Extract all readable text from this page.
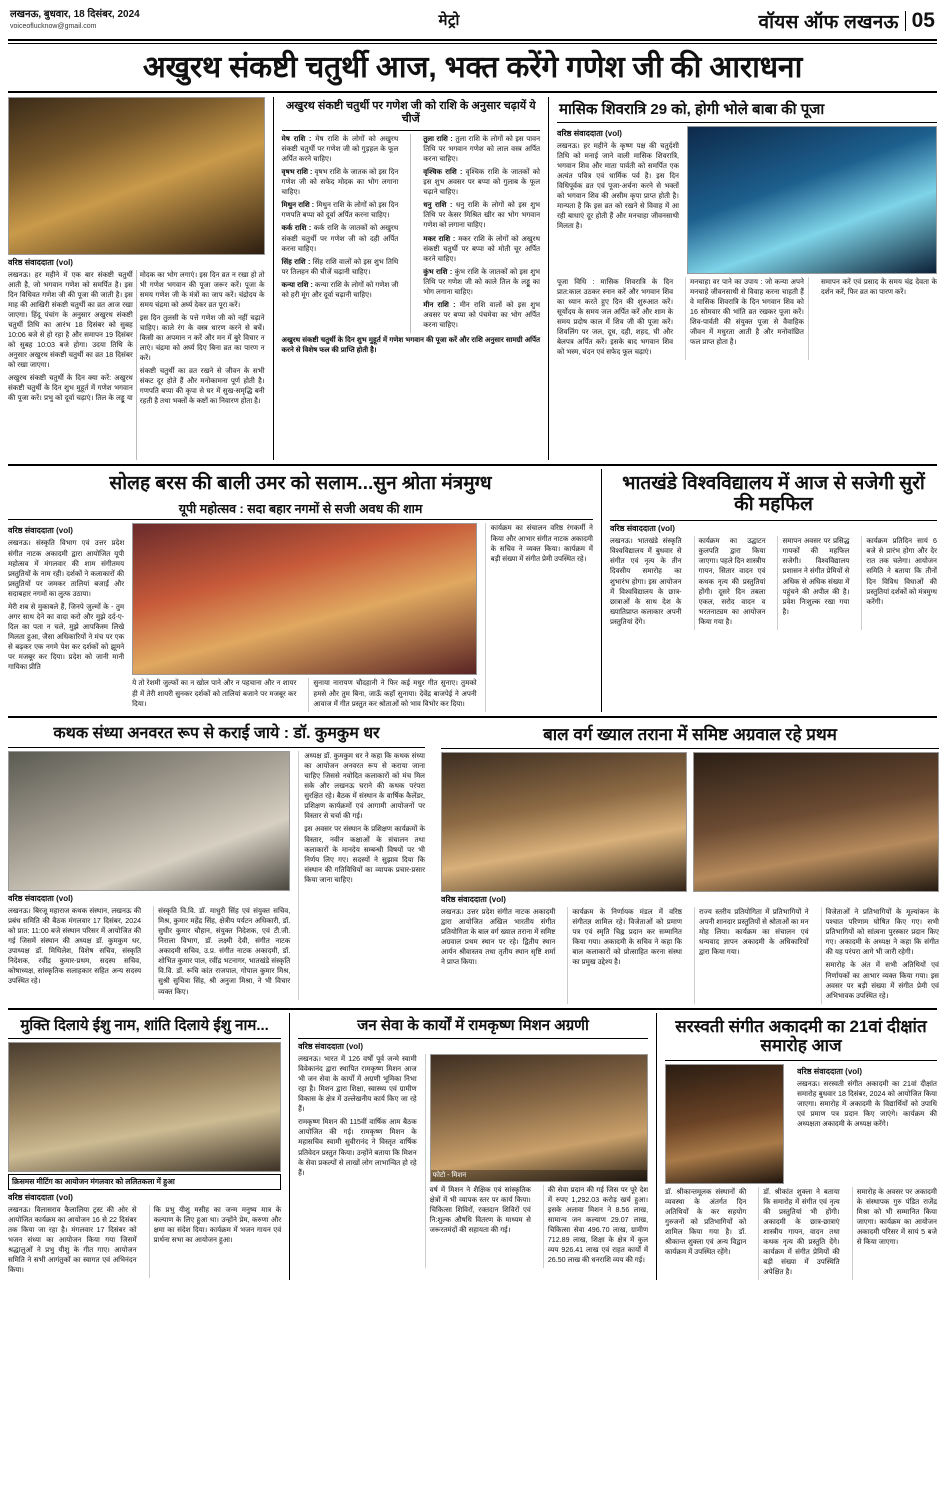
लखनऊ, बुधवार, 18 दिसंबर, 2024
voiceoflucknow@gmail.com	मेट्रो	वॉयस ऑफ लखनऊ 05
अखुरथ संकष्टी चतुर्थी आज, भक्त करेंगे गणेश जी की आराधना
वरिष्ठ संवाददाता (vol)

लखनऊ। हर महीने में एक बार संकष्टी चतुर्थी आती है, जो भगवान गणेश को समर्पित है। इस दिन विधिवत गणेश जी की पूजा की जाती है। इस माह की आखिरी संकष्टी चतुर्थी का व्रत आज रखा जाएगा। हिंदू पंचांग के अनुसार अखुरथ संकष्टी चतुर्थी तिथि का आरंभ 18 दिसंबर को सुबह 10:06 बजे से हो रहा है और समापन 19 दिसंबर को सुबह 10:03 बजे होगा। उदया तिथि के अनुसार अखुरथ संकष्टी चतुर्थी का व्रत 18 दिसंबर को रखा जाएगा।

अखुरथ संकष्टी चतुर्थी के दिन क्या करें: अखुरथ संकष्टी चतुर्थी के दिन शुभ मुहूर्त में गणेश भगवान की पूजा करें। प्रभु को दूर्वा चढ़ाएं। तिल के लड्डू या मोदक का भोग लगाएं। इस दिन व्रत न रखा हो तो भी गणेश भगवान की पूजा जरूर करें। पूजा के समय गणेश जी के मंत्रों का जाप करें। चंद्रोदय के समय चंद्रमा को अर्घ्य देकर व्रत पूरा करें।

इस दिन तुलसी के पत्ते गणेश जी को नहीं चढ़ाने चाहिए। काले रंग के वस्त्र धारण करने से बचें। किसी का अपमान न करें और मन में बुरे विचार न लाएं। चंद्रमा को अर्घ्य दिए बिना व्रत का पारण न करें।

संकष्टी चतुर्थी का व्रत रखने से जीवन के सभी संकट दूर होते हैं और मनोकामना पूर्ण होती है। गणपति बप्पा की कृपा से घर में सुख-समृद्धि बनी रहती है तथा भक्तों के कष्टों का निवारण होता है।

अखुरथ संकष्टी चतुर्थी पर गणेश जी को राशि के अनुसार चढ़ायें ये चीजें

मेष राशि : मेष राशि के लोगों को अखुरथ संकष्टी चतुर्थी पर गणेश जी को गुड़हल के फूल अर्पित करने चाहिए।

वृषभ राशि : वृषभ राशि के जातक को इस दिन गणेश जी को सफेद मोदक का भोग लगाना चाहिए।

मिथुन राशि : मिथुन राशि के लोगों को इस दिन गणपति बप्पा को दूर्वा अर्पित करना चाहिए।

कर्क राशि : कर्क राशि के जातकों को अखुरथ संकष्टी चतुर्थी पर गणेश जी को दही अर्पित करना चाहिए।

सिंह राशि : सिंह राशि वालों को इस शुभ तिथि पर तिलहन की चीजें चढ़ानी चाहिए।

कन्या राशि : कन्या राशि के लोगों को गणेश जी को हरी मूंग और दूर्वा चढ़ानी चाहिए।

तुला राशि : तुला राशि के लोगों को इस पावन तिथि पर भगवान गणेश को लाल वस्त्र अर्पित करना चाहिए।

वृश्चिक राशि : वृश्चिक राशि के जातकों को इस शुभ अवसर पर बप्पा को गुलाब के फूल चढ़ाने चाहिए।

धनु राशि : धनु राशि के लोगों को इस शुभ तिथि पर केसर मिश्रित खीर का भोग भगवान गणेश को लगाना चाहिए।

मकर राशि : मकर राशि के लोगों को अखुरथ संकष्टी चतुर्थी पर बप्पा को मोती चूर अर्पित करने चाहिए।

कुंभ राशि : कुंभ राशि के जातकों को इस शुभ तिथि पर गणेश जी को काले तिल के लड्डू का भोग लगाना चाहिए।

मीन राशि : मीन राशि वालों को इस शुभ अवसर पर बप्पा को पंचमेवा का भोग अर्पित करना चाहिए।

अखुरथ संकष्टी चतुर्थी के दिन शुभ मुहूर्त में गणेश भगवान की पूजा करें और राशि अनुसार सामग्री अर्पित करने से विशेष फल की प्राप्ति होती है।
मासिक शिवरात्रि 29 को, होगी भोले बाबा की पूजा
वरिष्ठ संवाददाता (vol)

लखनऊ। हर महीने के कृष्ण पक्ष की चतुर्दशी तिथि को मनाई जाने वाली मासिक शिवरात्रि, भगवान शिव और माता पार्वती को समर्पित एक अत्यंत पवित्र एवं धार्मिक पर्व है। इस दिन विधिपूर्वक व्रत एवं पूजा-अर्चना करने से भक्तों को भगवान शिव की असीम कृपा प्राप्त होती है। मान्यता है कि इस व्रत को रखने से विवाह में आ रही बाधाएं दूर होती हैं और मनचाहा जीवनसाथी मिलता है।

पूजा विधि : मासिक शिवरात्रि के दिन प्रात:काल उठकर स्नान करें और भगवान शिव का ध्यान करते हुए दिन की शुरुआत करें। सूर्योदय के समय जल अर्पित करें और शाम के समय प्रदोष काल में शिव जी की पूजा करें। शिवलिंग पर जल, दूध, दही, शहद, घी और बेलपत्र अर्पित करें। इसके बाद भगवान शिव को भस्म, चंदन एवं सफेद फूल चढ़ाएं।

मनचाहा वर पाने का उपाय : जो कन्या अपने मनचाहे जीवनसाथी से विवाह करना चाहती हैं वे मासिक शिवरात्रि के दिन भगवान शिव को 16 सोमवार की भांति व्रत रखकर पूजा करें। शिव-पार्वती की संयुक्त पूजा से वैवाहिक जीवन में मधुरता आती है और मनोवांछित फल प्राप्त होता है।

समापन करें एवं प्रसाद के समय चंद्र देवता के दर्शन करें, फिर व्रत का पारण करें।

सोलह बरस की बाली उमर को सलाम...सुन श्रोता मंत्रमुग्ध
यूपी महोत्सव : सदा बहार नगमों से सजी अवध की शाम
वरिष्ठ संवाददाता (vol)

लखनऊ। संस्कृति विभाग एवं उत्तर प्रदेश संगीत नाटक अकादमी द्वारा आयोजित यूपी महोत्सव में मंगलवार की शाम संगीतमय प्रस्तुतियों के नाम रही। दर्शकों ने कलाकारों की प्रस्तुतियों पर जमकर तालियां बजाईं और सदाबहार नगमों का लुत्फ उठाया।

मेरी शब से मुकाबले हैं, जिनपे जुल्मों के - तुम अगर साथ देने का वादा करो और मुझे दर्द-ए-दिल का पता न चले, मुझे आपकिस्म लिखे मिलता हुआ, जैसा अधिकारियों ने मंच पर एक से बढ़कर एक नगमे पेश कर दर्शकों को झूमने पर मजबूर कर दिया। प्रदेश को जानी मानी गायिका प्रीति

ये तो रेशमी जुल्फों का न खोल पाने और न पहचाना और न शायर ही में तेरी शायरी सुनकर दर्शकों को तालियां बजाने पर मजबूर कर दिया।

सुनाया नारायण चौदहानी ने फिर कई मधुर गीत सुनाए। तुमको हमसे और तुम बिना, जाऊँ कहाँ सुनाया। देवेंद्र बाजपेई ने अपनी आवाज में गीत प्रस्तुत कर श्रोताओं को भाव विभोर कर दिया।

कार्यक्रम का संचालन वरिष्ठ रंगकर्मी ने किया और आभार संगीत नाटक अकादमी के सचिव ने व्यक्त किया। कार्यक्रम में बड़ी संख्या में संगीत प्रेमी उपस्थित रहे।

भातखंडे विश्वविद्यालय में आज से सजेगी सुरों की महफिल
वरिष्ठ संवाददाता (vol)

लखनऊ। भातखंडे संस्कृति विश्वविद्यालय में बुधवार से संगीत एवं नृत्य के तीन दिवसीय समारोह का शुभारंभ होगा। इस आयोजन में विश्वविद्यालय के छात्र-छात्राओं के साथ देश के ख्यातिप्राप्त कलाकार अपनी प्रस्तुतियां देंगे।

कार्यक्रम का उद्घाटन कुलपति द्वारा किया जाएगा। पहले दिन शास्त्रीय गायन, सितार वादन एवं कथक नृत्य की प्रस्तुतियां होंगी। दूसरे दिन तबला एकल, सरोद वादन व भरतनाट्यम का आयोजन किया गया है।

समापन अवसर पर प्रसिद्ध गायकों की महफिल सजेगी। विश्वविद्यालय प्रशासन ने संगीत प्रेमियों से अधिक से अधिक संख्या में पहुंचने की अपील की है। प्रवेश निःशुल्क रखा गया है।

कार्यक्रम प्रतिदिन सायं 6 बजे से प्रारंभ होगा और देर रात तक चलेगा। आयोजन समिति ने बताया कि तीनों दिन विविध विधाओं की प्रस्तुतियां दर्शकों को मंत्रमुग्ध करेंगी।

कथक संध्या अनवरत रूप से कराई जाये : डॉ. कुमकुम धर
वरिष्ठ संवाददाता (vol)

लखनऊ। बिरजू महाराज कथक संस्थान, लखनऊ की प्रबंध समिति की बैठक मंगलवार 17 दिसंबर, 2024 को प्रात: 11:00 बजे संस्थान परिसर में आयोजित की गई जिसमें संस्थान की अध्यक्ष डॉ. कुमकुम धर, उपाध्यक्ष डॉ. मिथिलेश, विशेष सचिव, संस्कृति निदेशक, रवींद्र कुमार-प्रथम, सदस्य सचिव, कोषाध्यक्ष, सांस्कृतिक सलाहकार सहित अन्य सदस्य उपस्थित रहे।

संस्कृति वि.वि. डॉ. माधुरी सिंह एवं संयुक्त सचिव, मिश्र, कुमार महेंद्र सिंह, क्षेत्रीय पर्यटन अधिकारी, डॉ. सुधीर कुमार चौहान, संयुक्त निदेशक, एवं टी.जी. निराला विभाग, डॉ. लक्ष्मी देवी, संगीत नाटक अकादमी सचिव, उ.प्र. संगीत नाटक अकादमी, डॉ. शोभित कुमार पाल, रवींद्र भटनागर, भातखंडे संस्कृति वि.वि. डॉ. रूचि कांत राजपाल, गोपाल कुमार मिश्र, सुश्री सुचित्रा सिंह, श्री अनुजा मिश्रा, ने भी विचार व्यक्त किए।

अध्यक्ष डॉ. कुमकुम धर ने कहा कि कथक संध्या का आयोजन अनवरत रूप से कराया जाना चाहिए जिससे नवोदित कलाकारों को मंच मिल सके और लखनऊ घराने की कथक परंपरा सुरक्षित रहे। बैठक में संस्थान के वार्षिक कैलेंडर, प्रशिक्षण कार्यक्रमों एवं आगामी आयोजनों पर विस्तार से चर्चा की गई।

इस अवसर पर संस्थान के प्रशिक्षण कार्यक्रमों के विस्तार, नवीन कक्षाओं के संचालन तथा कलाकारों के मानदेय सम्बन्धी विषयों पर भी निर्णय लिए गए। सदस्यों ने सुझाव दिया कि संस्थान की गतिविधियों का व्यापक प्रचार-प्रसार किया जाना चाहिए।

बाल वर्ग ख्याल तराना में समिष्ट अग्रवाल रहे प्रथम
वरिष्ठ संवाददाता (vol)

लखनऊ। उत्तर प्रदेश संगीत नाटक अकादमी द्वारा आयोजित अखिल भारतीय संगीत प्रतियोगिता के बाल वर्ग ख्याल तराना में समिष्ट अग्रवाल प्रथम स्थान पर रहे। द्वितीय स्थान आर्यन श्रीवास्तव तथा तृतीय स्थान सृष्टि शर्मा ने प्राप्त किया।

कार्यक्रम के निर्णायक मंडल में वरिष्ठ संगीतज्ञ शामिल रहे। विजेताओं को प्रमाण पत्र एवं स्मृति चिह्न प्रदान कर सम्मानित किया गया। अकादमी के सचिव ने कहा कि बाल कलाकारों को प्रोत्साहित करना संस्था का प्रमुख उद्देश्य है।

राज्य स्तरीय प्रतियोगिता में प्रतिभागियों ने अपनी शानदार प्रस्तुतियों से श्रोताओं का मन मोह लिया। कार्यक्रम का संचालन एवं धन्यवाद ज्ञापन अकादमी के अधिकारियों द्वारा किया गया।

विजेताओं ने प्रतिभागियों के मूल्यांकन के पश्चात परिणाम घोषित किए गए। सभी प्रतिभागियों को सांत्वना पुरस्कार प्रदान किए गए। अकादमी के अध्यक्ष ने कहा कि संगीत की यह परंपरा आगे भी जारी रहेगी।

समारोह के अंत में सभी अतिथियों एवं निर्णायकों का आभार व्यक्त किया गया। इस अवसर पर बड़ी संख्या में संगीत प्रेमी एवं अभिभावक उपस्थित रहे।

मुक्ति दिलाये ईशु नाम, शांति दिलाये ईशु नाम...
क्रिसमस मीटिंग का आयोजन मंगलवार को ललितकला में हुआ
वरिष्ठ संवाददाता (vol)

लखनऊ। विलासराव कैलालिया ट्रस्ट की ओर से आयोजित कार्यक्रम का आयोजन 16 से 22 दिसंबर तक किया जा रहा है। मंगलवार 17 दिसंबर को भजन संध्या का आयोजन किया गया जिसमें श्रद्धालुओं ने प्रभु यीशु के गीत गाए। आयोजन समिति ने सभी आगंतुकों का स्वागत एवं अभिनंदन किया।

कि प्रभु यीशु मसीह का जन्म मनुष्य मात्र के कल्याण के लिए हुआ था। उन्होंने प्रेम, करुणा और क्षमा का संदेश दिया। कार्यक्रम में भजन गायन एवं प्रार्थना सभा का आयोजन हुआ।

जन सेवा के कार्यों में रामकृष्ण मिशन अग्रणी
वरिष्ठ संवाददाता (vol)

लखनऊ। भारत में 126 वर्षों पूर्व जन्मे स्वामी विवेकानंद द्वारा स्थापित रामकृष्ण मिशन आज भी जन सेवा के कार्यों में अग्रणी भूमिका निभा रहा है। मिशन द्वारा शिक्षा, स्वास्थ्य एवं ग्रामीण विकास के क्षेत्र में उल्लेखनीय कार्य किए जा रहे हैं।

रामकृष्ण मिशन की 115वीं वार्षिक आम बैठक आयोजित की गई। रामकृष्ण मिशन के महासचिव स्वामी सुवीरानंद ने विस्तृत वार्षिक प्रतिवेदन प्रस्तुत किया। उन्होंने बताया कि मिशन के सेवा प्रकल्पों से लाखों लोग लाभान्वित हो रहे हैं।	फोटो - मिशन

वर्ष में मिशन ने शैक्षिक एवं सांस्कृतिक क्षेत्रों में भी व्यापक स्तर पर कार्य किया। चिकित्सा शिविरों, रक्तदान शिविरों एवं नि:शुल्क औषधि वितरण के माध्यम से जरूरतमंदों की सहायता की गई।

की सेवा प्रदान की गई जिस पर पूरे देश में रुपए 1,292.03 करोड़ खर्च हुआ। इसके अलावा मिशन ने 8.56 लाख, सामान्य जन कल्याण 29.07 लाख, चिकित्सा सेवा 496.70 लाख, ग्रामीण 712.89 लाख, शिक्षा के क्षेत्र में कुल व्यय 926.41 लाख एवं राहत कार्यों में 26.50 लाख की धनराशि व्यय की गई।

सरस्वती संगीत अकादमी का 21वां दीक्षांत समारोह आज
वरिष्ठ संवाददाता (vol)

लखनऊ। सरस्वती संगीत अकादमी का 21वां दीक्षांत समारोह बुधवार 18 दिसंबर, 2024 को आयोजित किया जाएगा। समारोह में अकादमी के विद्यार्थियों को उपाधि एवं प्रमाण पत्र प्रदान किए जाएंगे। कार्यक्रम की अध्यक्षता अकादमी के अध्यक्ष करेंगे।

डॉ. श्रीकान्तमूलक संस्थानों की व्यवस्था के अंतर्गत दिन अतिथियों के कर सहयोग गुरुजनों को प्रतिभागियों को शामिल किया गया है। डॉ. श्रीकान्त शुक्ला एवं अन्य विद्वान कार्यक्रम में उपस्थित रहेंगे।

डॉ. श्रीकांत शुक्ला ने बताया कि समारोह में संगीत एवं नृत्य की प्रस्तुतियां भी होंगी। अकादमी के छात्र-छात्राएं शास्त्रीय गायन, वादन तथा कथक नृत्य की प्रस्तुति देंगे। कार्यक्रम में संगीत प्रेमियों की बड़ी संख्या में उपस्थिति अपेक्षित है।

समारोह के अवसर पर अकादमी के संस्थापक गुरु पंडित राजेंद्र मिश्रा को भी सम्मानित किया जाएगा। कार्यक्रम का आयोजन अकादमी परिसर में सायं 5 बजे से किया जाएगा।
